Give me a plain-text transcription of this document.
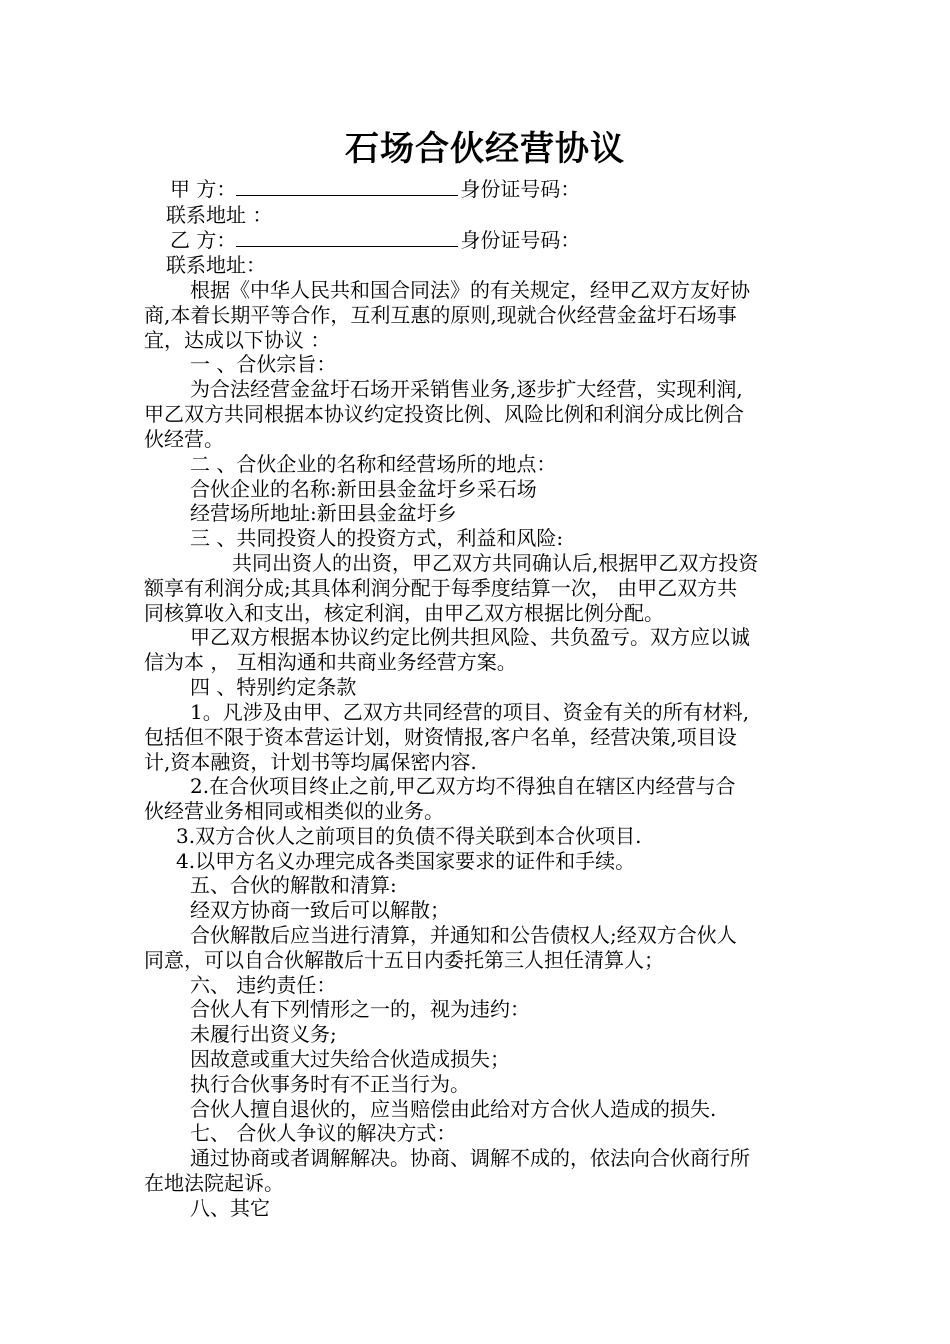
石场合伙经营协议
甲 方：	身份证号码：
联系地址 ：
乙 方：	身份证号码：
联系地址：
根据《中华人民共和国合同法》的有关规定，经甲乙双方友好协
商,本着长期平等合作，互利互惠的原则,现就合伙经营金盆圩石场事
宜，达成以下协议 ：
一 、合伙宗旨：
为合法经营金盆圩石场开采销售业务,逐步扩大经营，实现利润,
甲乙双方共同根据本协议约定投资比例、风险比例和利润分成比例合
伙经营。
二 、合伙企业的名称和经营场所的地点：
合伙企业的名称:新田县金盆圩乡采石场
经营场所地址:新田县金盆圩乡
三 、共同投资人的投资方式，利益和风险:
共同出资人的出资，甲乙双方共同确认后,根据甲乙双方投资
额享有利润分成;其具体利润分配于每季度结算一次， 由甲乙双方共
同核算收入和支出，核定利润，由甲乙双方根据比例分配。
甲乙双方根据本协议约定比例共担风险、共负盈亏。双方应以诚
信为本 ， 互相沟通和共商业务经营方案。
四 、特别约定条款
1。凡涉及由甲、乙双方共同经营的项目、资金有关的所有材料,
包括但不限于资本营运计划，财资情报,客户名单，经营决策,项目设
计,资本融资，计划书等均属保密内容.
2.在合伙项目终止之前,甲乙双方均不得独自在辖区内经营与合
伙经营业务相同或相类似的业务。
3.双方合伙人之前项目的负债不得关联到本合伙项目.
4.以甲方名义办理完成各类国家要求的证件和手续。
五、合伙的解散和清算:
经双方协商一致后可以解散；
合伙解散后应当进行清算，并通知和公告债权人;经双方合伙人
同意，可以自合伙解散后十五日内委托第三人担任清算人；
六、 违约责任：
合伙人有下列情形之一的，视为违约：
未履行出资义务;
因故意或重大过失给合伙造成损失；
执行合伙事务时有不正当行为。
合伙人擅自退伙的，应当赔偿由此给对方合伙人造成的损失.
七、 合伙人争议的解决方式：
通过协商或者调解解决。协商、调解不成的，依法向合伙商行所
在地法院起诉。
八、其它
